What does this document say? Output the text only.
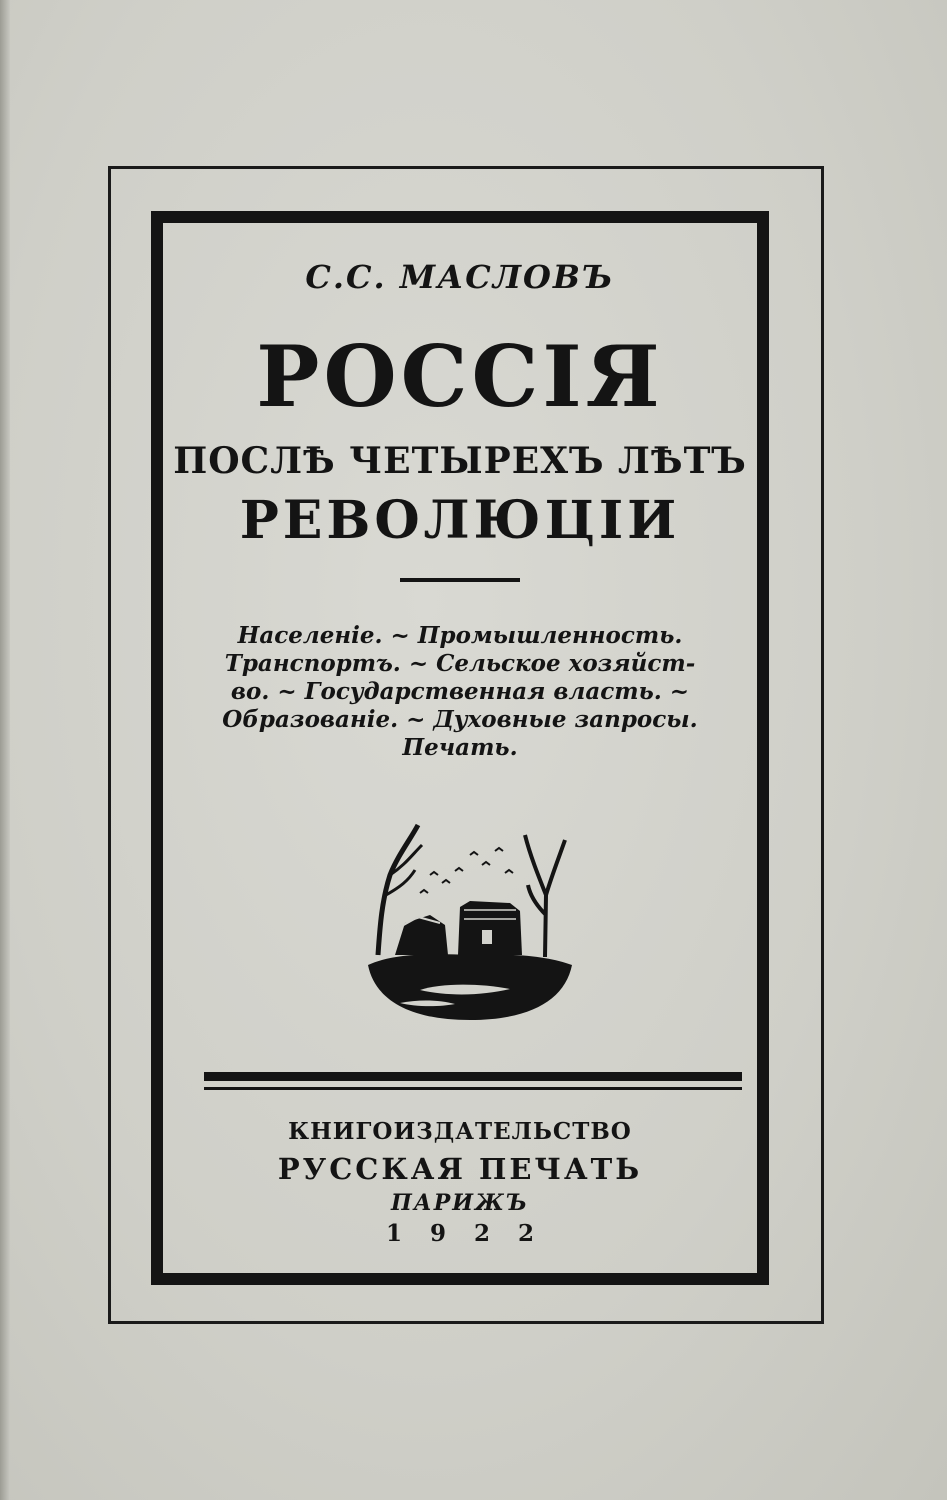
С.С. МАСЛОВЪ

РОССІЯ

ПОСЛѢ ЧЕТЫРЕХЪ ЛѢТЪ

РЕВОЛЮЦІИ

Населеніе. ~ Промышленность.
Транспортъ. ~ Сельское хозяйст-
во. ~ Государственная власть. ~
Образованіе. ~ Духовные запросы.
Печать.

КНИГОИЗДАТЕЛЬСТВО

РУССКАЯ ПЕЧАТЬ

ПАРИЖЪ

1922
